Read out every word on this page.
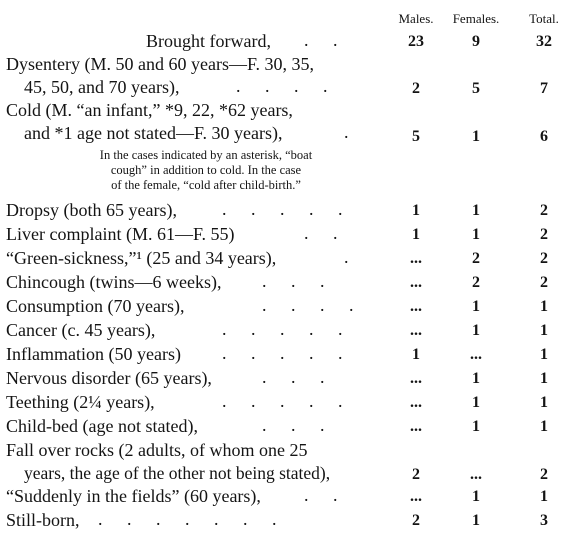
Males.	Females.	Total.
Brought forward,	. .	23	9	32
Dysentery (M. 50 and 60 years—F. 30, 35,
45, 50, and 70 years),	. . . .	2	5	7
Cold (M. “an infant,” *9, 22, *62 years,
and *1 age not stated—F. 30 years),	.	5	1	6
In the cases indicated by an asterisk, “boat
cough” in addition to cold. In the case
of the female, “cold after child-birth.”
Dropsy (both 65 years),	. . . . .	1	1	2
Liver complaint (M. 61—F. 55)	. .	1	1	2
“Green-sickness,”¹ (25 and 34 years),	.	...	2	2
Chincough (twins—6 weeks),	. . .	...	2	2
Consumption (70 years),	. . . .	...	1	1
Cancer (c. 45 years),	. . . . .	...	1	1
Inflammation (50 years)	. . . . .	1	...	1
Nervous disorder (65 years),	. . .	...	1	1
Teething (2¼ years),	. . . . .	...	1	1
Child-bed (age not stated),	. . .	...	1	1
Fall over rocks (2 adults, of whom one 25
years, the age of the other not being stated),	2	...	2
“Suddenly in the fields” (60 years),	. .	...	1	1
Still-born,	. . . . . . .	2	1	3
